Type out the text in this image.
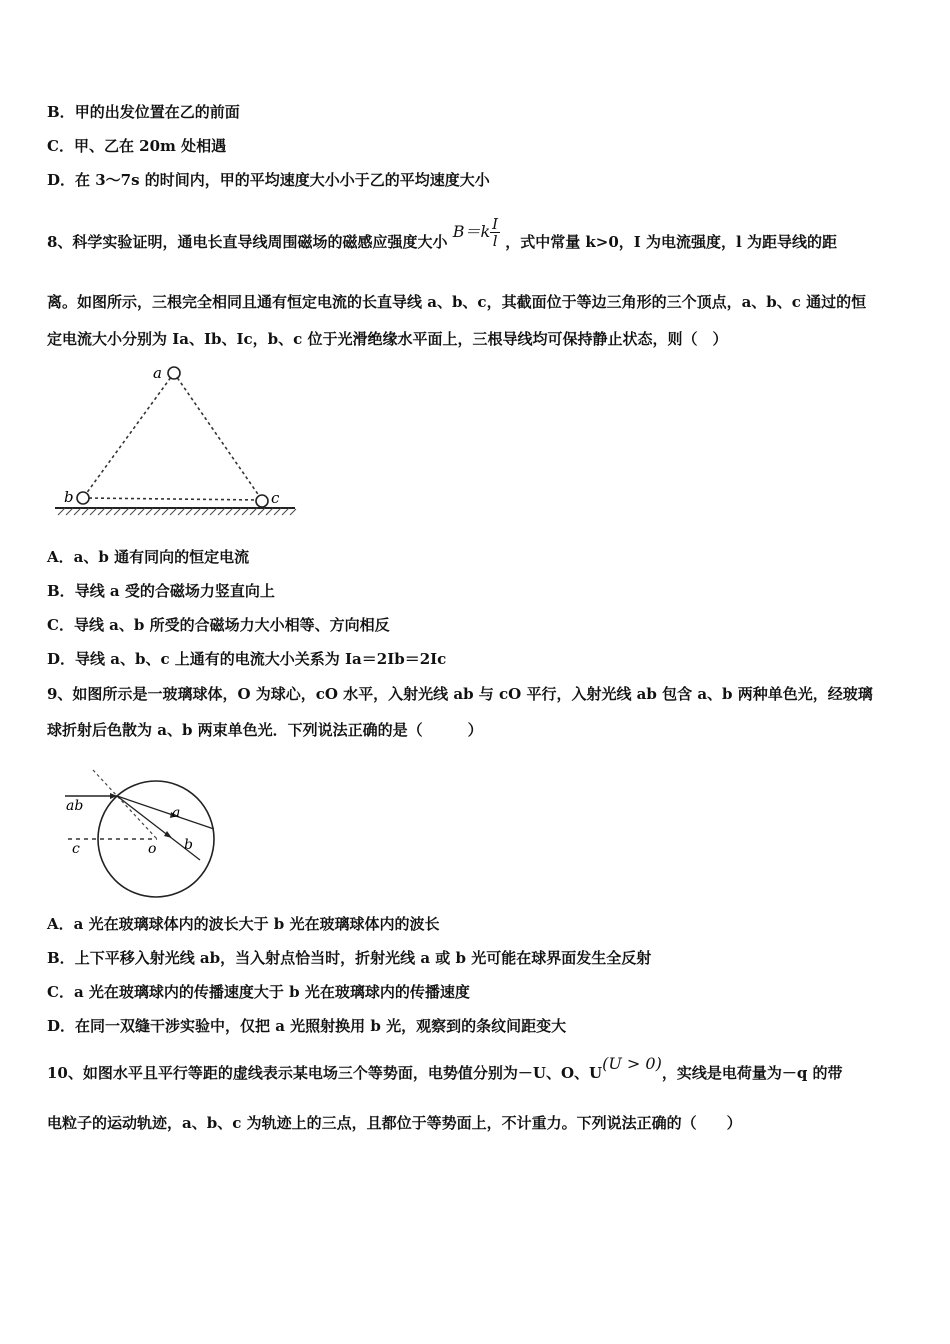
B．甲的出发位置在乙的前面
C．甲、乙在 20m 处相遇
D．在 3～7s 的时间内，甲的平均速度大小小于乙的平均速度大小
8、科学实验证明，通电长直导线周围磁场的磁感应强度大小 $B=k \frac{I}{l}$ ，式中常量 k>0，I 为电流强度，l 为距导线的距
离。如图所示，三根完全相同且通有恒定电流的长直导线 a、b、c，其截面位于等边三角形的三个顶点，a、b、c 通过的恒
定电流大小分别为 Ia、Ib、Ic，b、c 位于光滑绝缘水平面上，三根导线均可保持静止状态，则（　）
a
b	c
A．a、b 通有同向的恒定电流
B．导线 a 受的合磁场力竖直向上
C．导线 a、b 所受的合磁场力大小相等、方向相反
D．导线 a、b、c 上通有的电流大小关系为 Ia＝2Ib＝2Ic
9、如图所示是一玻璃球体，O 为球心，cO 水平，入射光线 ab 与 cO 平行，入射光线 ab 包含 a、b 两种单色光，经玻璃
球折射后色散为 a、b 两束单色光．下列说法正确的是（　　　）
ab
c	o
a
b
A．a 光在玻璃球体内的波长大于 b 光在玻璃球体内的波长
B．上下平移入射光线 ab，当入射点恰当时，折射光线 a 或 b 光可能在球界面发生全反射
C．a 光在玻璃球内的传播速度大于 b 光在玻璃球内的传播速度
D．在同一双缝干涉实验中，仅把 a 光照射换用 b 光，观察到的条纹间距变大
10、如图水平且平行等距的虚线表示某电场三个等势面，电势值分别为－U、O、U(U > 0)，实线是电荷量为－q 的带
电粒子的运动轨迹，a、b、c 为轨迹上的三点，且都位于等势面上，不计重力。下列说法正确的（　　）
